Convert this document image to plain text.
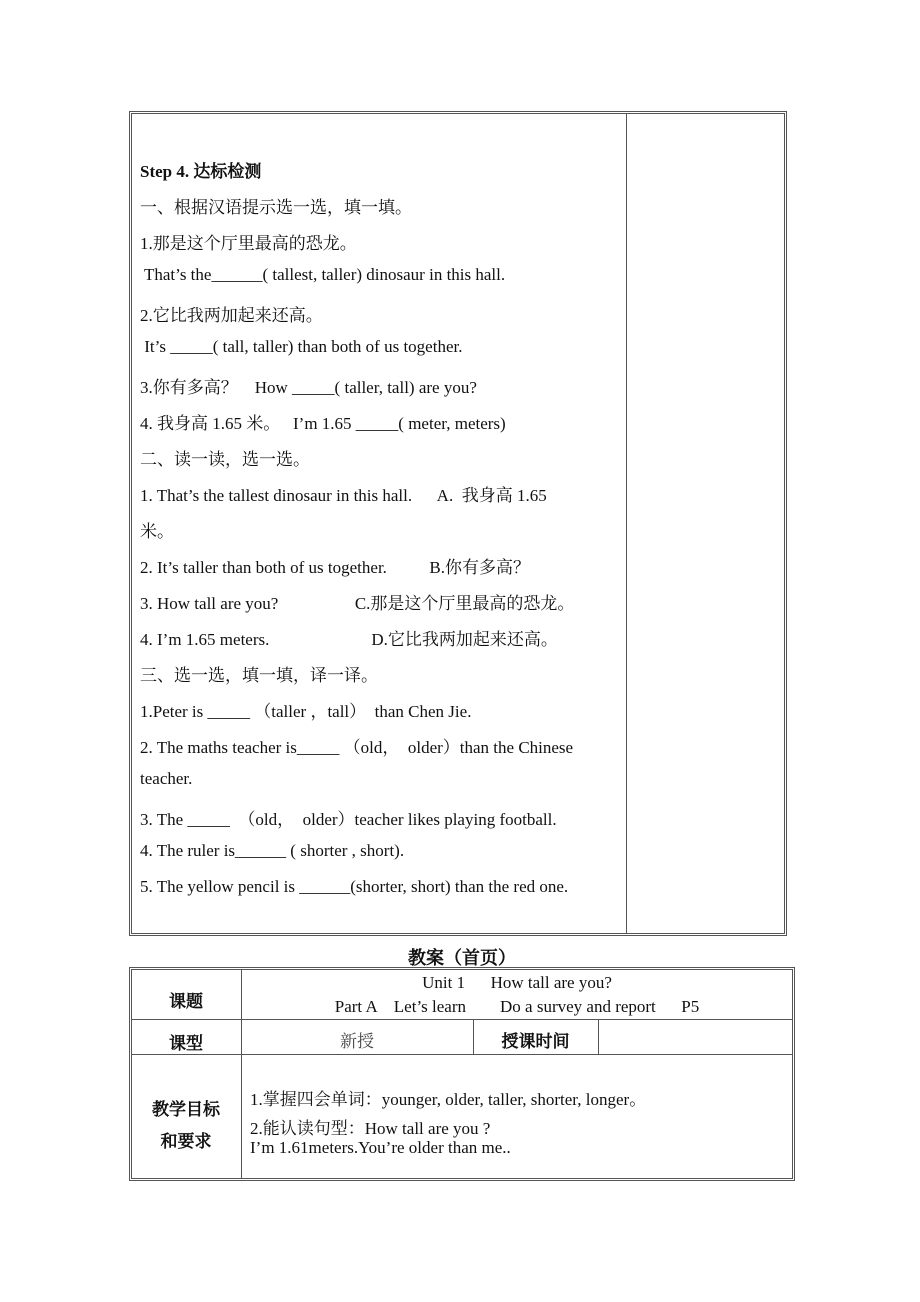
Step 4. 达标检测
一、根据汉语提示选一选，填一填。
1.那是这个厅里最高的恐龙。
That’s the______( tallest, taller) dinosaur in this hall.
2.它比我两加起来还高。
It’s _____( tall, taller) than both of us together.
3.你有多高？    How _____( taller, tall) are you?
4. 我身高 1.65 米。   I’m 1.65 _____( meter, meters)
二、读一读，选一选。
1. That’s the tallest dinosaur in this hall.      A.  我身高 1.65
米。
2. It’s taller than both of us together.          B.你有多高？
3. How tall are you?                  C.那是这个厅里最高的恐龙。
4. I’m 1.65 meters.                        D.它比我两加起来还高。
三、选一选，填一填，译一译。
1.Peter is _____ （taller ，tall）  than Chen Jie.
2. The maths teacher is_____ （old，  older）than the Chinese
teacher.
3. The _____  （old，  older）teacher likes playing football.
4. The ruler is______ ( shorter , short).
5. The yellow pencil is ______(shorter, short) than the red one.
教案（首页）
课题
Unit 1      How tall are you?
Part A    Let’s learn        Do a survey and report      P5
课型	新授	授课时间
教学目标
和要求
1.掌握四会单词：younger, older, taller, shorter, longer。
2.能认读句型：How tall are you ?
I’m 1.61meters.You’re older than me..
